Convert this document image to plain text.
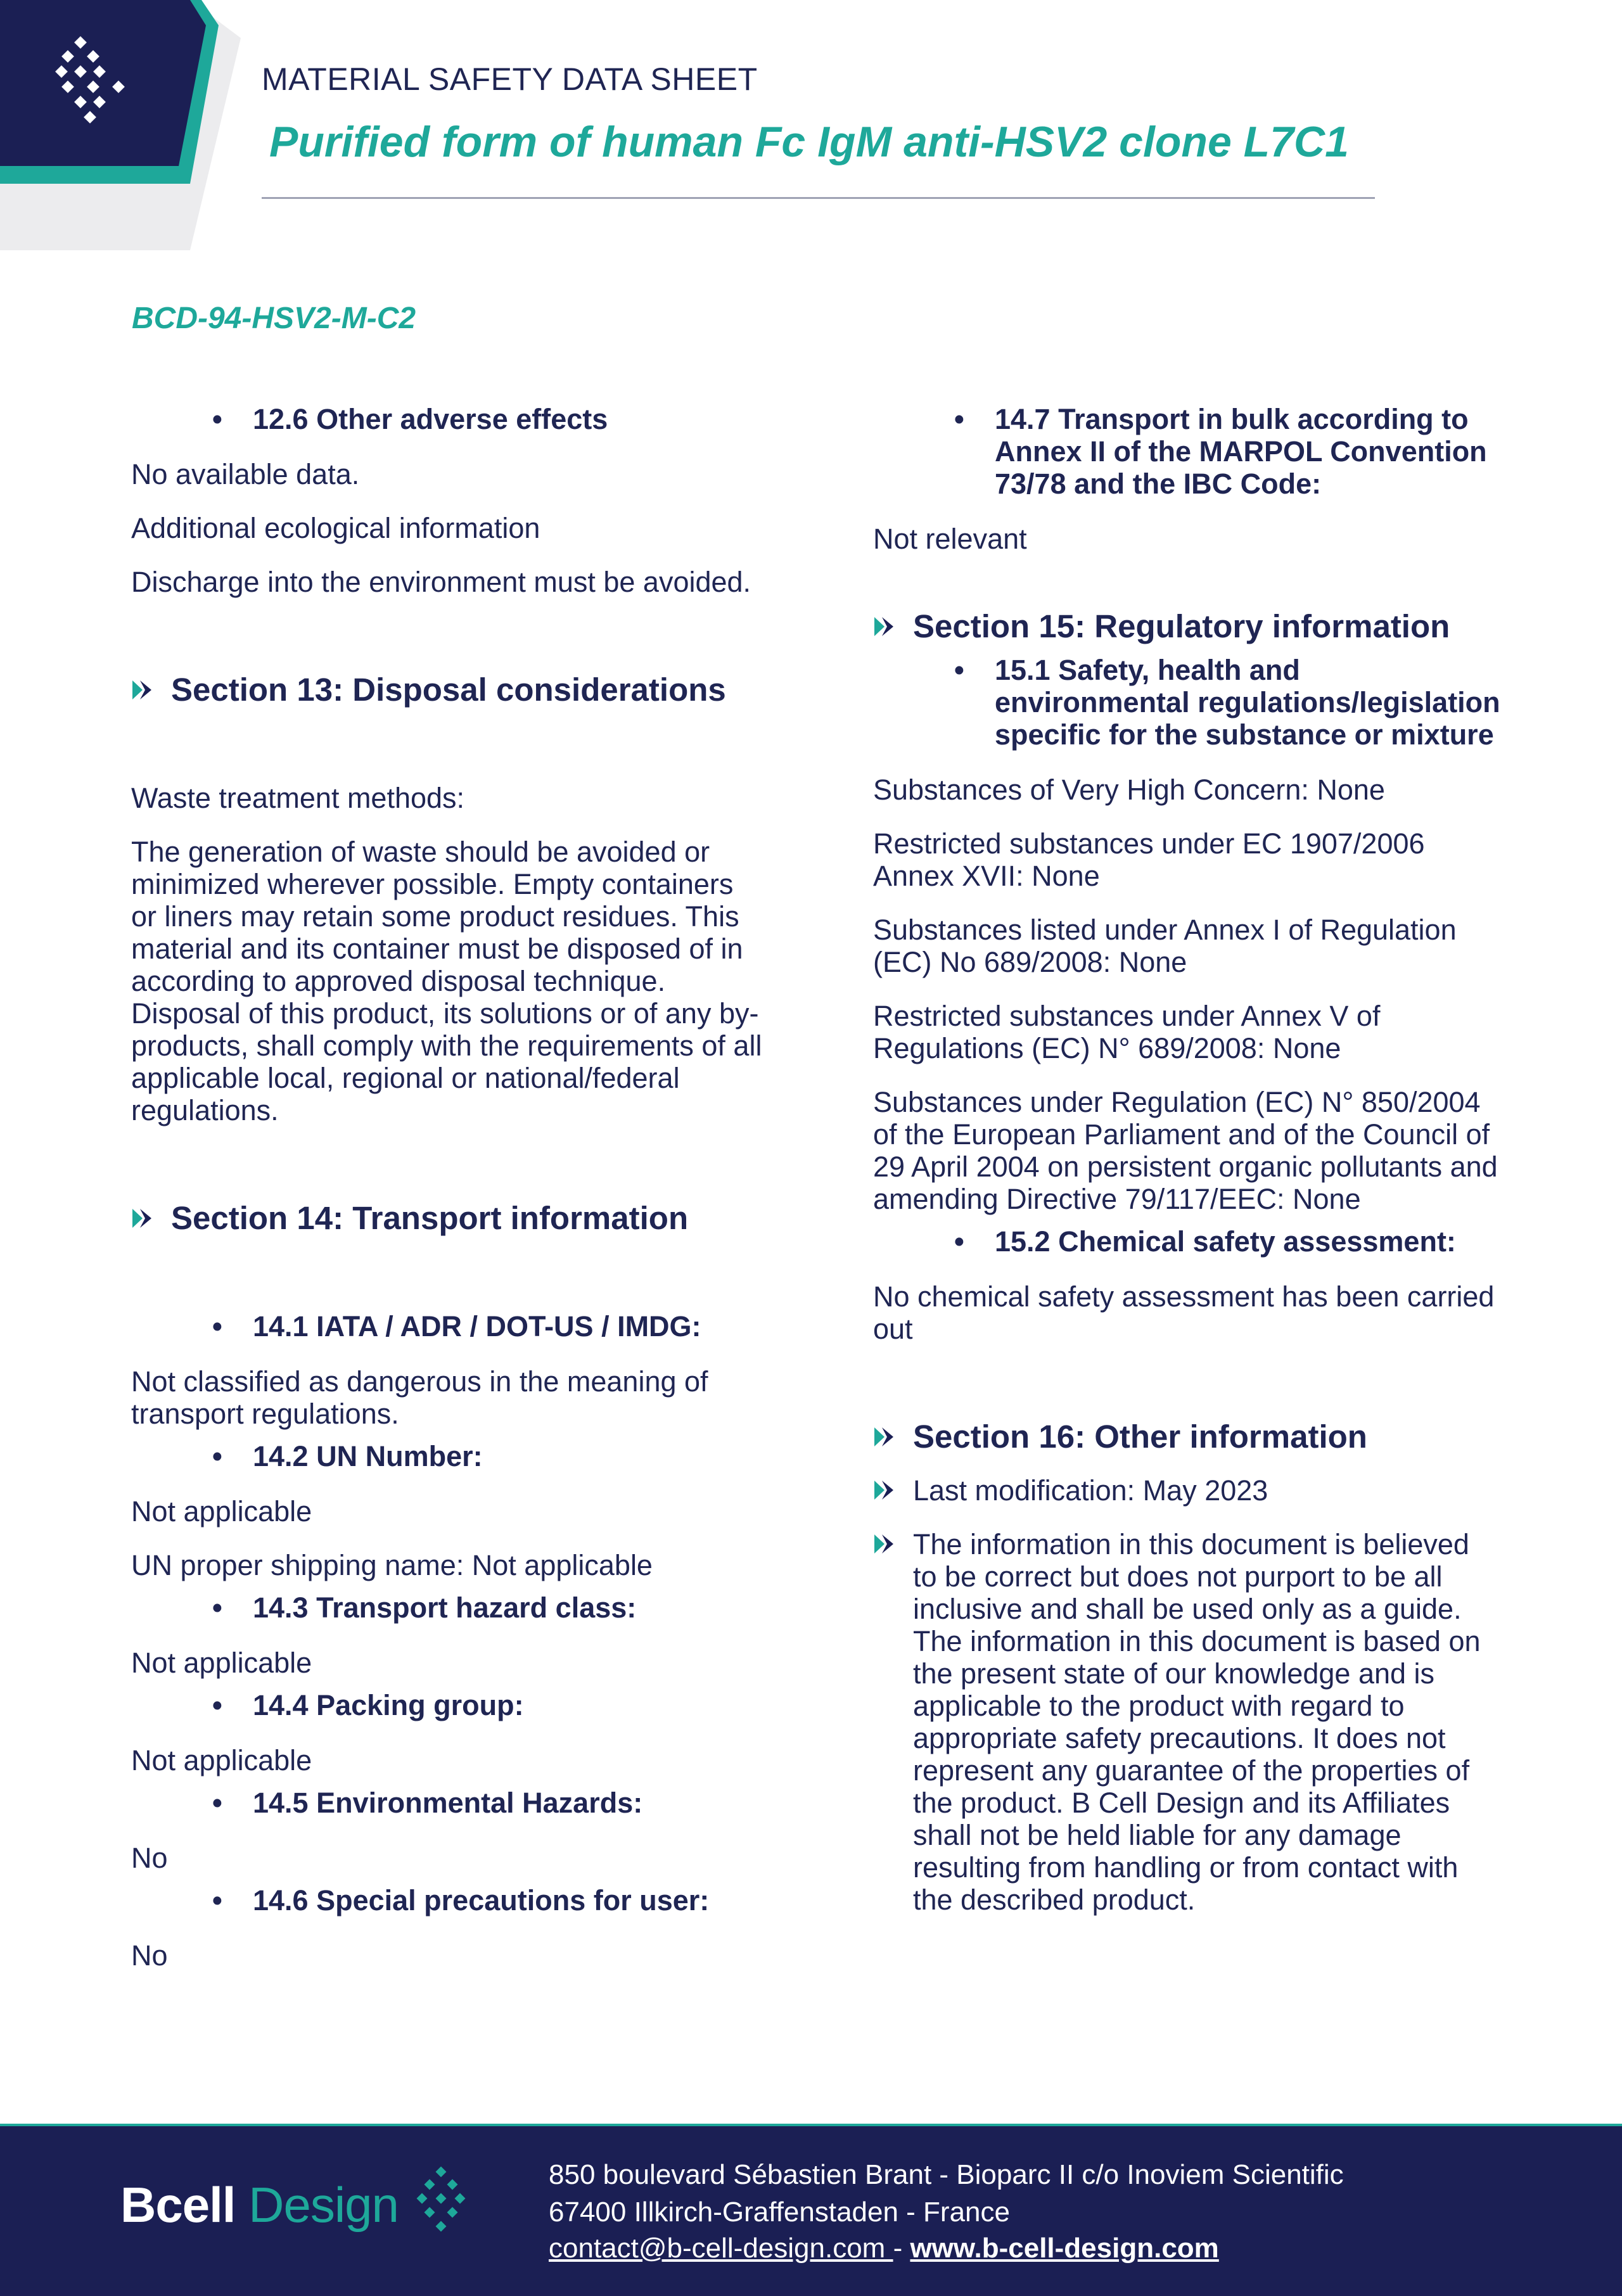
MATERIAL SAFETY DATA SHEET
Purified form of human Fc IgM anti-HSV2 clone L7C1
BCD-94-HSV2-M-C2
• 12.6 Other adverse effects

No available data.

Additional ecological information

Discharge into the environment must be avoided.

Section 13: Disposal considerations

Waste treatment methods:

The generation of waste should be avoided or minimized wherever possible. Empty containers or liners may retain some product residues. This material and its container must be disposed of in according to approved disposal technique. Disposal of this product, its solutions or of any by-products, shall comply with the requirements of all applicable local, regional or national/federal regulations.

Section 14: Transport information
• 14.1 IATA / ADR / DOT-US / IMDG:

Not classified as dangerous in the meaning of transport regulations.

• 14.2 UN Number:

Not applicable

UN proper shipping name: Not applicable

• 14.3 Transport hazard class:

Not applicable

• 14.4 Packing group:

Not applicable

• 14.5 Environmental Hazards:

No

• 14.6 Special precautions for user:

No

• 14.7 Transport in bulk according to Annex II of the MARPOL Convention 73/78 and the IBC Code:

Not relevant

Section 15: Regulatory information
• 15.1 Safety, health and environmental regulations/legislation specific for the substance or mixture

Substances of Very High Concern: None

Restricted substances under EC 1907/2006 Annex XVII: None

Substances listed under Annex I of Regulation (EC) No 689/2008: None

Restricted substances under Annex V of Regulations (EC) N° 689/2008: None

Substances under Regulation (EC) N° 850/2004 of the European Parliament and of the Council of 29 April 2004 on persistent organic pollutants and amending Directive 79/117/EEC: None

• 15.2 Chemical safety assessment:

No chemical safety assessment has been carried out

Section 16: Other information
Last modification: May 2023
The information in this document is believed to be correct but does not purport to be all inclusive and shall be used only as a guide. The information in this document is based on the present state of our knowledge and is applicable to the product with regard to appropriate safety precautions. It does not represent any guarantee of the properties of the product. B Cell Design and its Affiliates shall not be held liable for any damage resulting from handling or from contact with the described product.
Bcell Design
850 boulevard Sébastien Brant - Bioparc II c/o Inoviem Scientific
67400 Illkirch-Graffenstaden - France
contact@b-cell-design.com - www.b-cell-design.com
